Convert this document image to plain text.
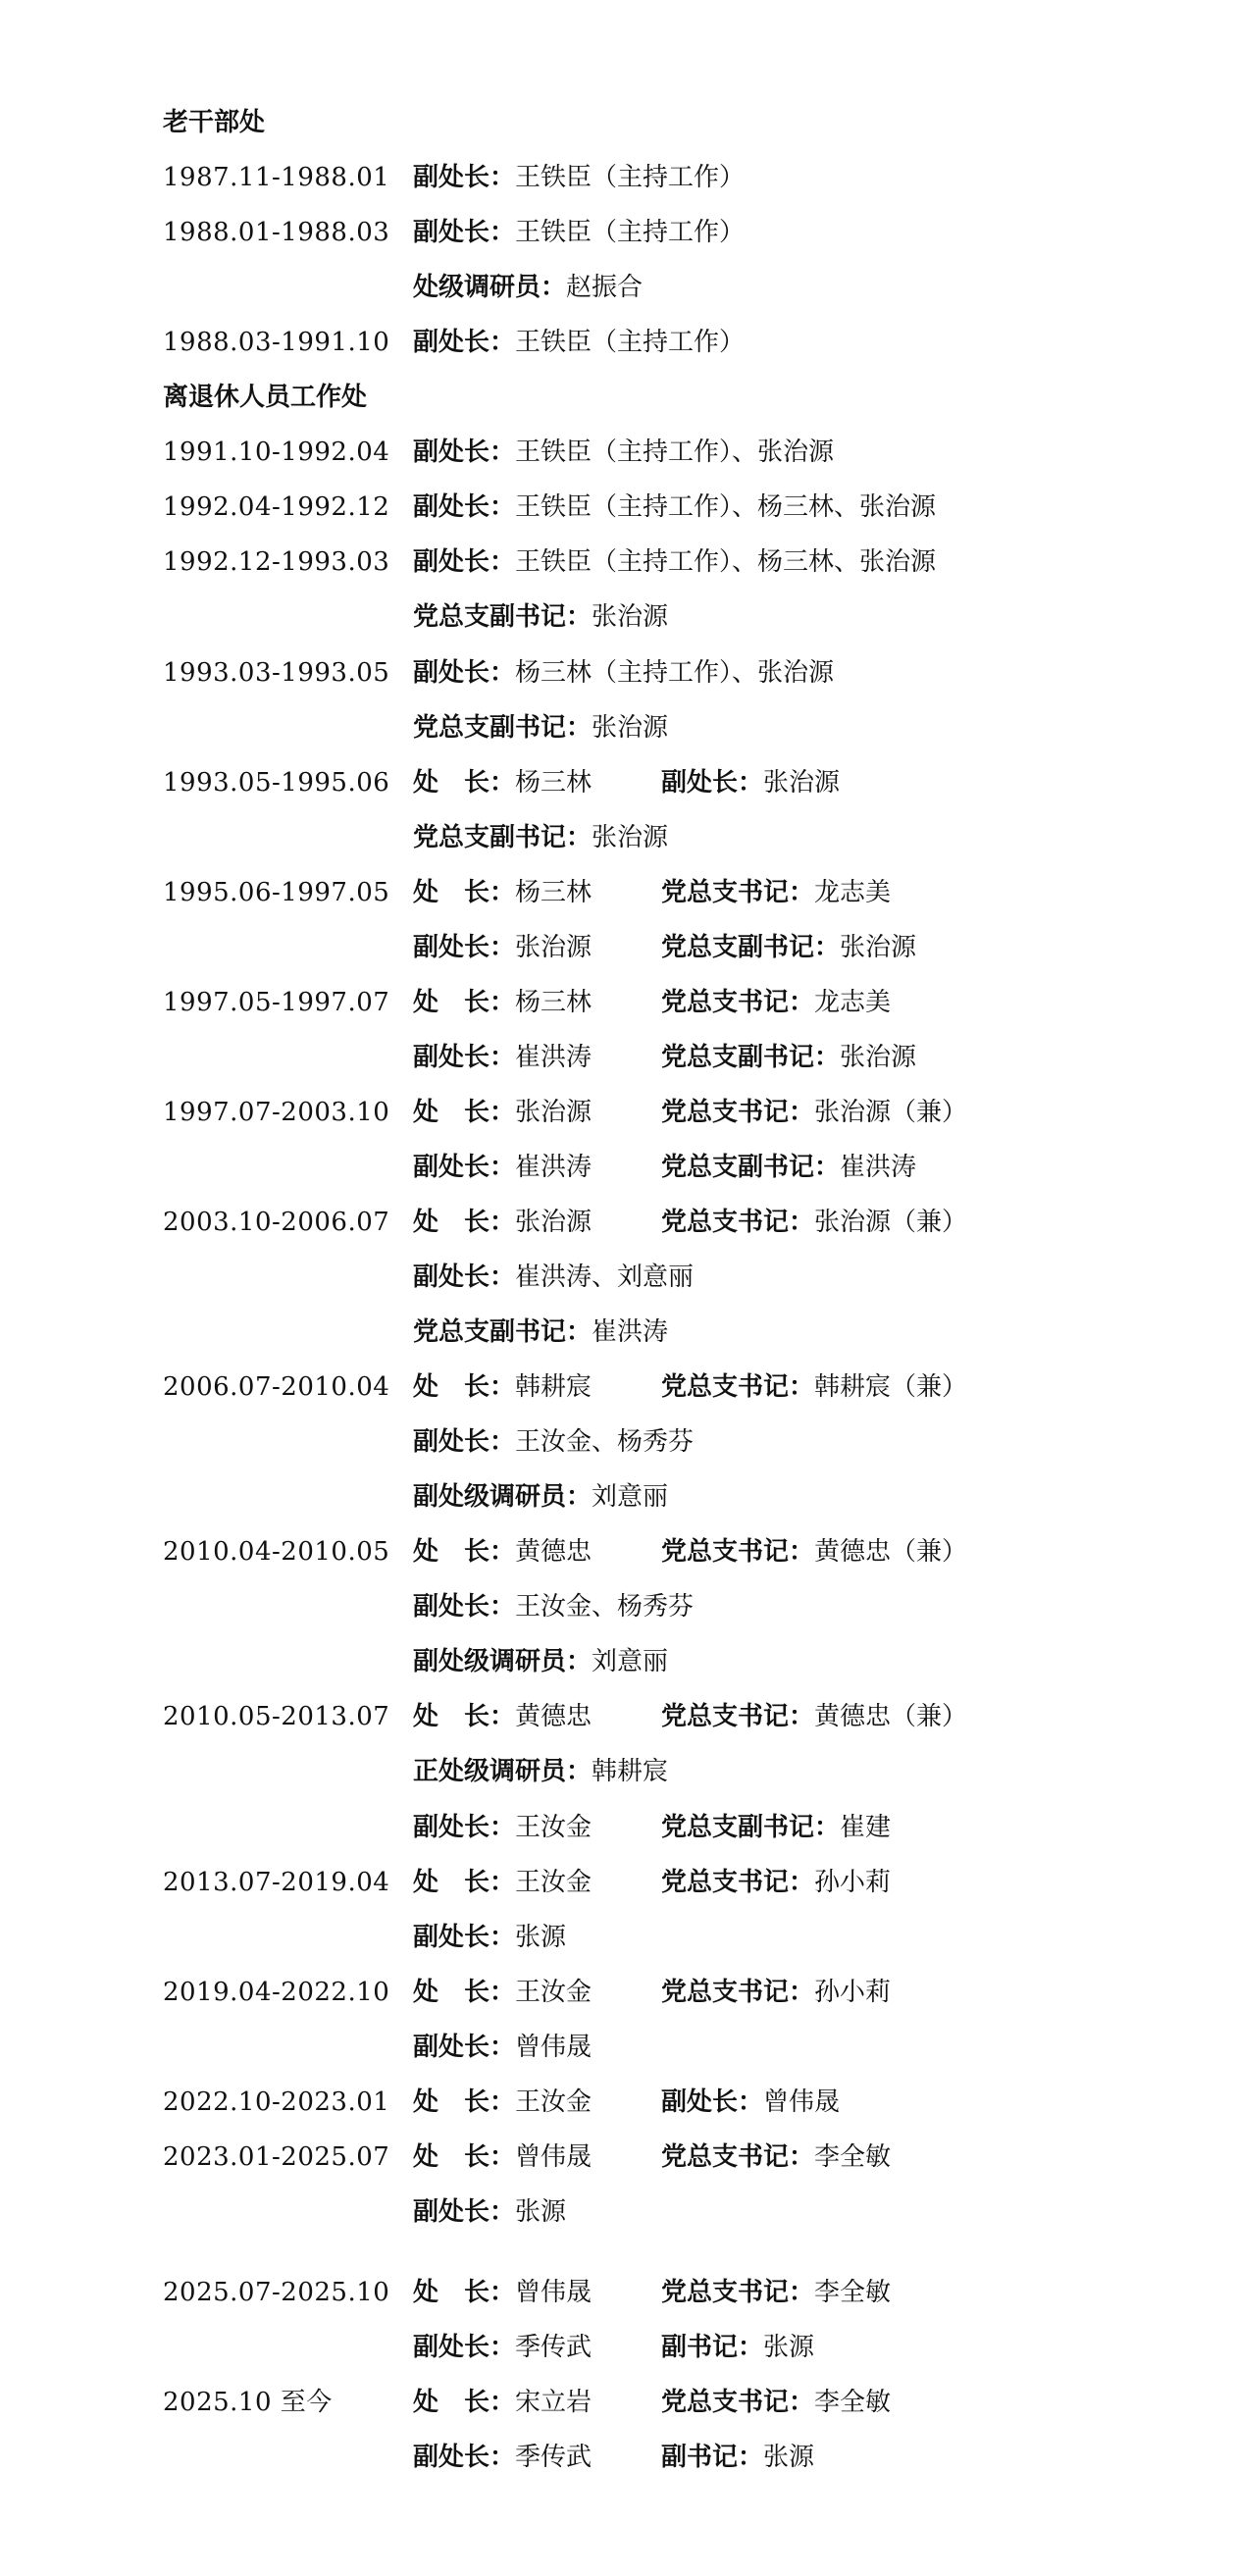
老干部处
1987.11-1988.01 副处长：王铁臣（主持工作）
1988.01-1988.03 副处长：王铁臣（主持工作）
处级调研员：赵振合
1988.03-1991.10 副处长：王铁臣（主持工作）
离退休人员工作处
1991.10-1992.04 副处长：王铁臣（主持工作）、张治源
1992.04-1992.12 副处长：王铁臣（主持工作）、杨三林、张治源
1992.12-1993.03 副处长：王铁臣（主持工作）、杨三林、张治源
党总支副书记：张治源
1993.03-1993.05 副处长：杨三林（主持工作）、张治源
党总支副书记：张治源
1993.05-1995.06 处　长：杨三林	副处长：张治源
党总支副书记：张治源
1995.06-1997.05 处　长：杨三林	党总支书记：龙志美
副处长：张治源	党总支副书记：张治源
1997.05-1997.07 处　长：杨三林	党总支书记：龙志美
副处长：崔洪涛	党总支副书记：张治源
1997.07-2003.10 处　长：张治源	党总支书记：张治源（兼）
副处长：崔洪涛	党总支副书记：崔洪涛
2003.10-2006.07 处　长：张治源	党总支书记：张治源（兼）
副处长：崔洪涛、刘意丽
党总支副书记：崔洪涛
2006.07-2010.04 处　长：韩耕宸	党总支书记：韩耕宸（兼）
副处长：王汝金、杨秀芬
副处级调研员：刘意丽
2010.04-2010.05 处　长：黄德忠	党总支书记：黄德忠（兼）
副处长：王汝金、杨秀芬
副处级调研员：刘意丽
2010.05-2013.07 处　长：黄德忠	党总支书记：黄德忠（兼）
正处级调研员：韩耕宸
副处长：王汝金	党总支副书记：崔建
2013.07-2019.04 处　长：王汝金	党总支书记：孙小莉
副处长：张源
2019.04-2022.10 处　长：王汝金	党总支书记：孙小莉
副处长：曾伟晟
2022.10-2023.01 处　长：王汝金	副处长：曾伟晟
2023.01-2025.07 处　长：曾伟晟	党总支书记：李全敏
副处长：张源
2025.07-2025.10 处　长：曾伟晟	党总支书记：李全敏
副处长：季传武	副书记：张源
2025.10 至今	处　长：宋立岩	党总支书记：李全敏
副处长：季传武	副书记：张源
